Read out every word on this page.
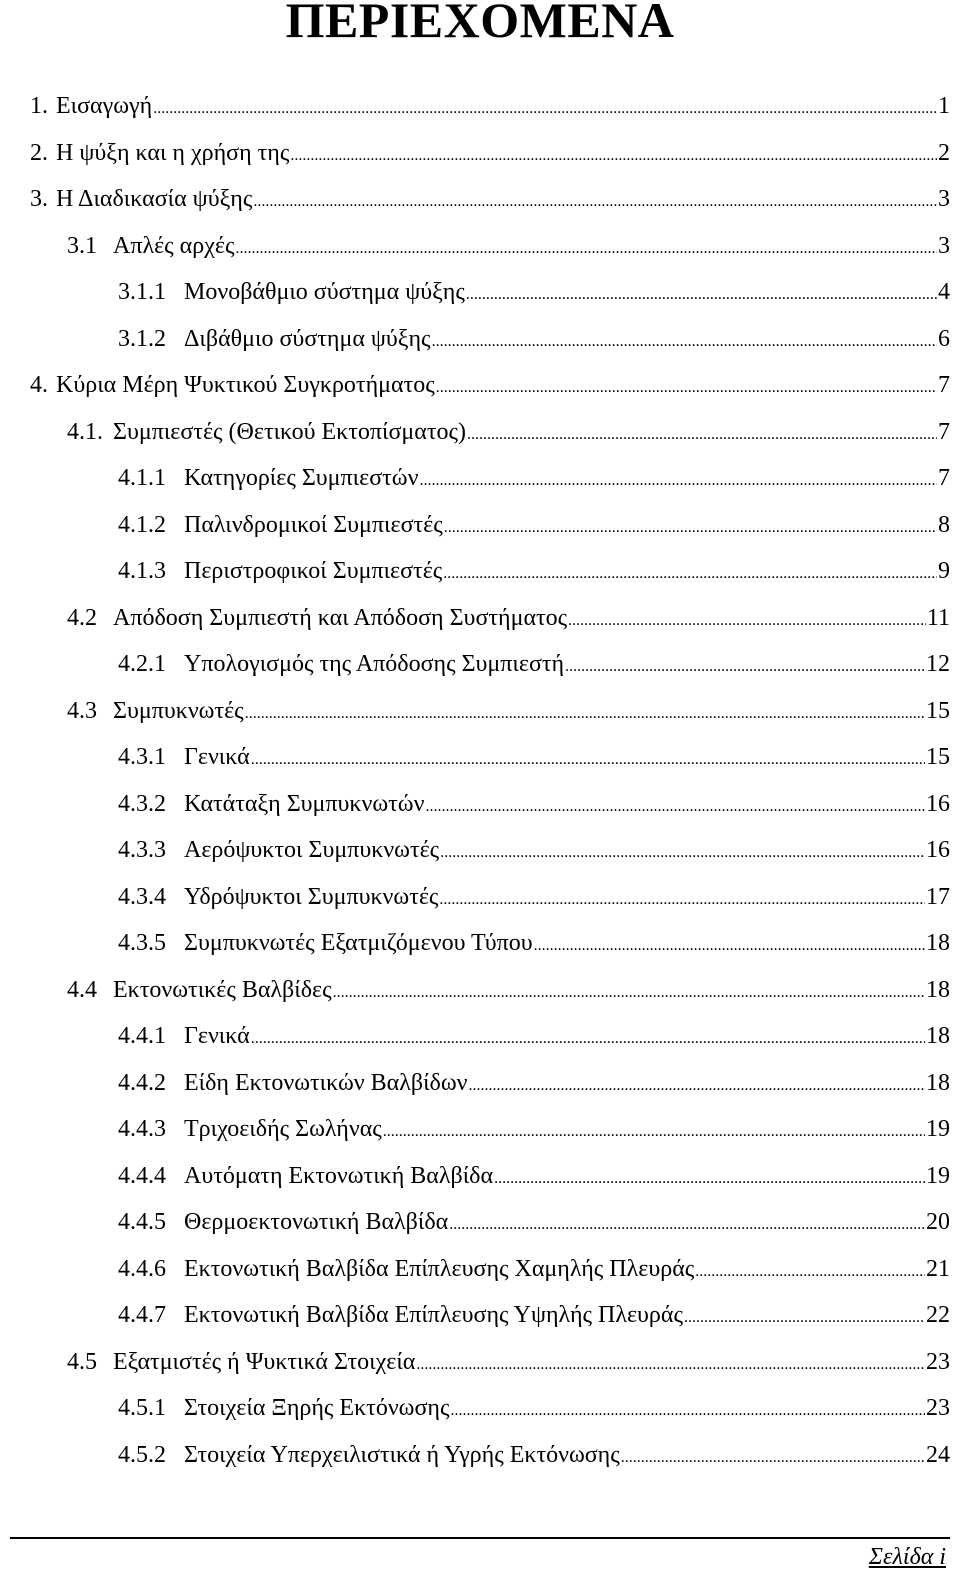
ΠΕΡΙΕΧΟΜΕΝΑ
1. Εισαγωγή .....	1
2. Η ψύξη και η χρήση της .....	2
3. Η Διαδικασία ψύξης .....	3
3.1 Απλές αρχές .....	3
3.1.1 Μονοβάθμιο σύστημα ψύξης .....	4
3.1.2 Διβάθμιο σύστημα ψύξης .....	6
4. Κύρια Μέρη Ψυκτικού Συγκροτήματος .....	7
4.1. Συμπιεστές (Θετικού Εκτοπίσματος) .....	7
4.1.1 Κατηγορίες Συμπιεστών .....	7
4.1.2 Παλινδρομικοί Συμπιεστές .....	8
4.1.3 Περιστροφικοί Συμπιεστές .....	9
4.2 Απόδοση Συμπιεστή και Απόδοση Συστήματος .....	11
4.2.1 Υπολογισμός της Απόδοσης Συμπιεστή .....	12
4.3 Συμπυκνωτές .....	15
4.3.1 Γενικά .....	15
4.3.2 Κατάταξη Συμπυκνωτών .....	16
4.3.3 Αερόψυκτοι Συμπυκνωτές .....	16
4.3.4 Υδρόψυκτοι Συμπυκνωτές .....	17
4.3.5 Συμπυκνωτές Εξατμιζόμενου Τύπου .....	18
4.4 Εκτονωτικές Βαλβίδες .....	18
4.4.1 Γενικά .....	18
4.4.2 Είδη Εκτονωτικών Βαλβίδων .....	18
4.4.3 Τριχοειδής Σωλήνας .....	19
4.4.4 Αυτόματη Εκτονωτική Βαλβίδα .....	19
4.4.5 Θερμοεκτονωτική Βαλβίδα .....	20
4.4.6 Εκτονωτική Βαλβίδα Επίπλευσης Χαμηλής Πλευράς .....	21
4.4.7 Εκτονωτική Βαλβίδα Επίπλευσης Υψηλής Πλευράς .....	22
4.5 Εξατμιστές ή Ψυκτικά Στοιχεία .....	23
4.5.1 Στοιχεία Ξηρής Εκτόνωσης .....	23
4.5.2 Στοιχεία Υπερχειλιστικά ή Υγρής Εκτόνωσης .....	24
Σελίδα i
